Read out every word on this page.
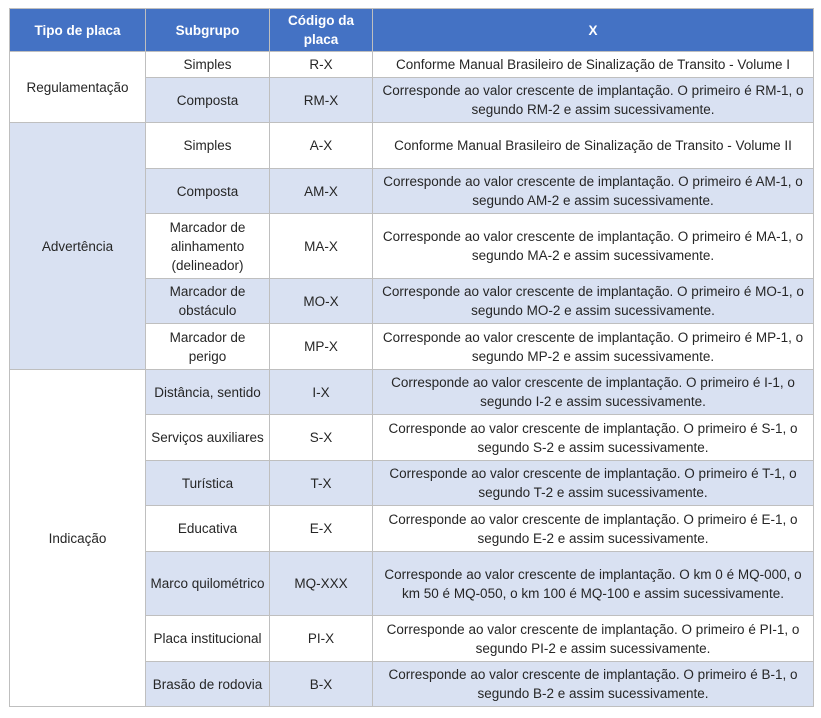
Tipo de placa	Subgrupo	Código da placa	X
Regulamentação	Simples	R-X	Conforme Manual Brasileiro de Sinalização de Transito - Volume I
	Composta	RM-X	Corresponde ao valor crescente de implantação. O primeiro é RM-1, o segundo RM-2 e assim sucessivamente.
Advertência	Simples	A-X	Conforme Manual Brasileiro de Sinalização de Transito - Volume II
	Composta	AM-X	Corresponde ao valor crescente de implantação. O primeiro é AM-1, o segundo AM-2 e assim sucessivamente.
	Marcador de alinhamento (delineador)	MA-X	Corresponde ao valor crescente de implantação. O primeiro é MA-1, o segundo MA-2 e assim sucessivamente.
	Marcador de obstáculo	MO-X	Corresponde ao valor crescente de implantação. O primeiro é MO-1, o segundo MO-2 e assim sucessivamente.
	Marcador de perigo	MP-X	Corresponde ao valor crescente de implantação. O primeiro é MP-1, o segundo MP-2 e assim sucessivamente.
Indicação	Distância, sentido	I-X	Corresponde ao valor crescente de implantação. O primeiro é I-1, o segundo I-2 e assim sucessivamente.
	Serviços auxiliares	S-X	Corresponde ao valor crescente de implantação. O primeiro é S-1, o segundo S-2 e assim sucessivamente.
	Turística	T-X	Corresponde ao valor crescente de implantação. O primeiro é T-1, o segundo T-2 e assim sucessivamente.
	Educativa	E-X	Corresponde ao valor crescente de implantação. O primeiro é E-1, o segundo E-2 e assim sucessivamente.
	Marco quilométrico	MQ-XXX	Corresponde ao valor crescente de implantação. O km 0 é MQ-000, o km 50 é MQ-050, o km 100 é MQ-100 e assim sucessivamente.
	Placa institucional	PI-X	Corresponde ao valor crescente de implantação. O primeiro é PI-1, o segundo PI-2 e assim sucessivamente.
	Brasão de rodovia	B-X	Corresponde ao valor crescente de implantação. O primeiro é B-1, o segundo B-2 e assim sucessivamente.
